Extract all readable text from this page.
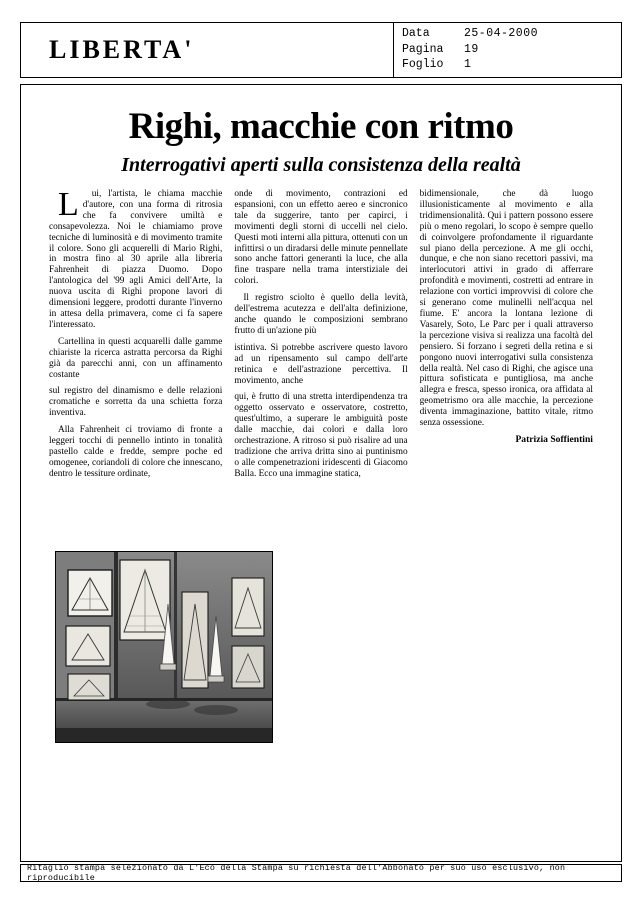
LIBERTA'
Data	25-04-2000
Pagina	19
Foglio	1
Righi, macchie con ritmo
Interrogativi aperti sulla consistenza della realtà

L	ui, l'artista, le chiama macchie d'autore, con una forma di ritrosia che fa convivere umiltà e consapevolezza. Noi le chiamiamo prove tecniche di luminosità e di movimento tramite il colore. Sono gli acquerelli di Mario Righi, in mostra fino al 30 aprile alla libreria Fahrenheit di piazza Duomo. Dopo l'antologica del '99 agli Amici dell'Arte, la nuova uscita di Righi propone lavori di dimensioni leggere, prodotti durante l'inverno in attesa della primavera, come ci fa sapere l'interessato.

Cartellina in questi acquarelli dalle gamme chiariste la ricerca astratta percorsa da Righi già da parecchi anni, con un affinamento costante

sul registro del dinamismo e delle relazioni cromatiche e sorretta da una schietta forza inventiva.

Alla Fahrenheit ci troviamo di fronte a leggeri tocchi di pennello intinto in tonalità pastello calde e fredde, sempre poche ed omogenee, coriandoli di colore che innescano, dentro le tessiture ordinate,

onde di movimento, contrazioni ed espansioni, con un effetto aereo e sincronico tale da suggerire, tanto per capirci, i movimenti degli storni di uccelli nel cielo. Questi moti interni alla pittura, ottenuti con un infittirsi o un diradarsi delle minute pennellate sono anche fattori generanti la luce, che alla fine traspare nella trama interstiziale dei colori.

Il registro sciolto è quello della levità, dell'estrema acutezza e dell'alta definizione, anche quando le composizioni sembrano frutto di un'azione più

istintiva. Si potrebbe ascrivere questo lavoro ad un ripensamento sul campo dell'arte retinica e dell'astrazione percettiva. Il movimento, anche

qui, è frutto di una stretta interdipendenza tra oggetto osservato e osservatore, costretto, quest'ultimo, a superare le ambiguità poste dalle macchie, dai colori e dalla loro orchestrazione. A ritroso si può risalire ad una tradizione che arriva dritta sino ai puntinismo o alle compenetrazioni iridescenti di Giacomo Balla. Ecco una immagine statica,

bidimensionale, che dà luogo illusionisticamente al movimento e alla tridimensionalità. Qui i pattern possono essere più o meno regolari, lo scopo è sempre quello di coinvolgere profondamente il riguardante sul piano della percezione. A me gli occhi, dunque, e che non siano recettori passivi, ma interlocutori attivi in grado di afferrare profondità e movimenti, costretti ad entrare in relazione con vortici improvvisi di colore che si generano come mulinelli nell'acqua nel fiume. E' ancora la lontana lezione di Vasarely, Soto, Le Parc per i quali attraverso la percezione visiva si realizza una facoltà del pensiero. Si forzano i segreti della retina e si pongono nuovi interrogativi sulla consistenza della realtà. Nel caso di Righi, che agisce una pittura sofisticata e puntigliosa, ma anche allegra e fresca, spesso ironica, ora affidata al geometrismo ora alle macchie, la percezione diventa immaginazione, battito vitale, ritmo senza ossessione.

Patrizia Soffientini
Ritaglio stampa selezionato da L'Eco della Stampa su richiesta dell'Abbonato per suo uso esclusivo, non riproducibile
